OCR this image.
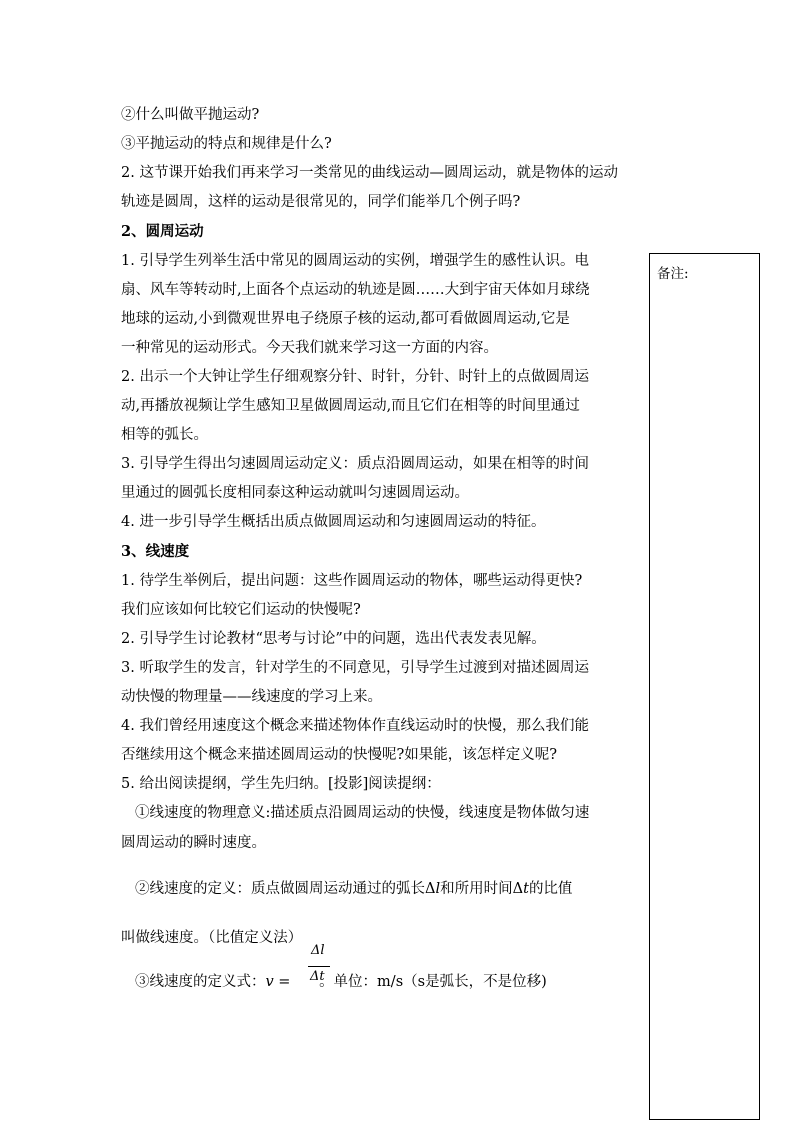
②什么叫做平抛运动?
③平抛运动的特点和规律是什么?
2. 这节课开始我们再来学习一类常见的曲线运动—圆周运动，就是物体的运动
轨迹是圆周，这样的运动是很常见的，同学们能举几个例子吗?
2、圆周运动
1. 引导学生列举生活中常见的圆周运动的实例，增强学生的感性认识。电
扇、风车等转动时,上面各个点运动的轨迹是圆……大到宇宙天体如月球绕
地球的运动,小到微观世界电子绕原子核的运动,都可看做圆周运动,它是
一种常见的运动形式。今天我们就来学习这一方面的内容。
2. 出示一个大钟让学生仔细观察分针、时针，分针、时针上的点做圆周运
动,再播放视频让学生感知卫星做圆周运动,而且它们在相等的时间里通过
相等的弧长。
3. 引导学生得出匀速圆周运动定义：质点沿圆周运动，如果在相等的时间
里通过的圆弧长度相同泰这种运动就叫匀速圆周运动。
4. 进一步引导学生概括出质点做圆周运动和匀速圆周运动的特征。
3、线速度
1. 待学生举例后，提出问题：这些作圆周运动的物体，哪些运动得更快?
我们应该如何比较它们运动的快慢呢?
2. 引导学生讨论教材“思考与讨论”中的问题，选出代表发表见解。
3. 听取学生的发言，针对学生的不同意见，引导学生过渡到对描述圆周运
动快慢的物理量——线速度的学习上来。
4. 我们曾经用速度这个概念来描述物体作直线运动时的快慢，那么我们能
否继续用这个概念来描述圆周运动的快慢呢?如果能，该怎样定义呢?
5. 给出阅读提纲，学生先归纳。[投影]阅读提纲：
①线速度的物理意义:描述质点沿圆周运动的快慢，线速度是物体做匀速
圆周运动的瞬时速度。
②线速度的定义：质点做圆周运动通过的弧长Δl和所用时间Δt的比值
叫做线速度。（比值定义法）
③线速度的定义式：v = 。单位：m/s（s是弧长，不是位移)
Δl
Δt
备注:
